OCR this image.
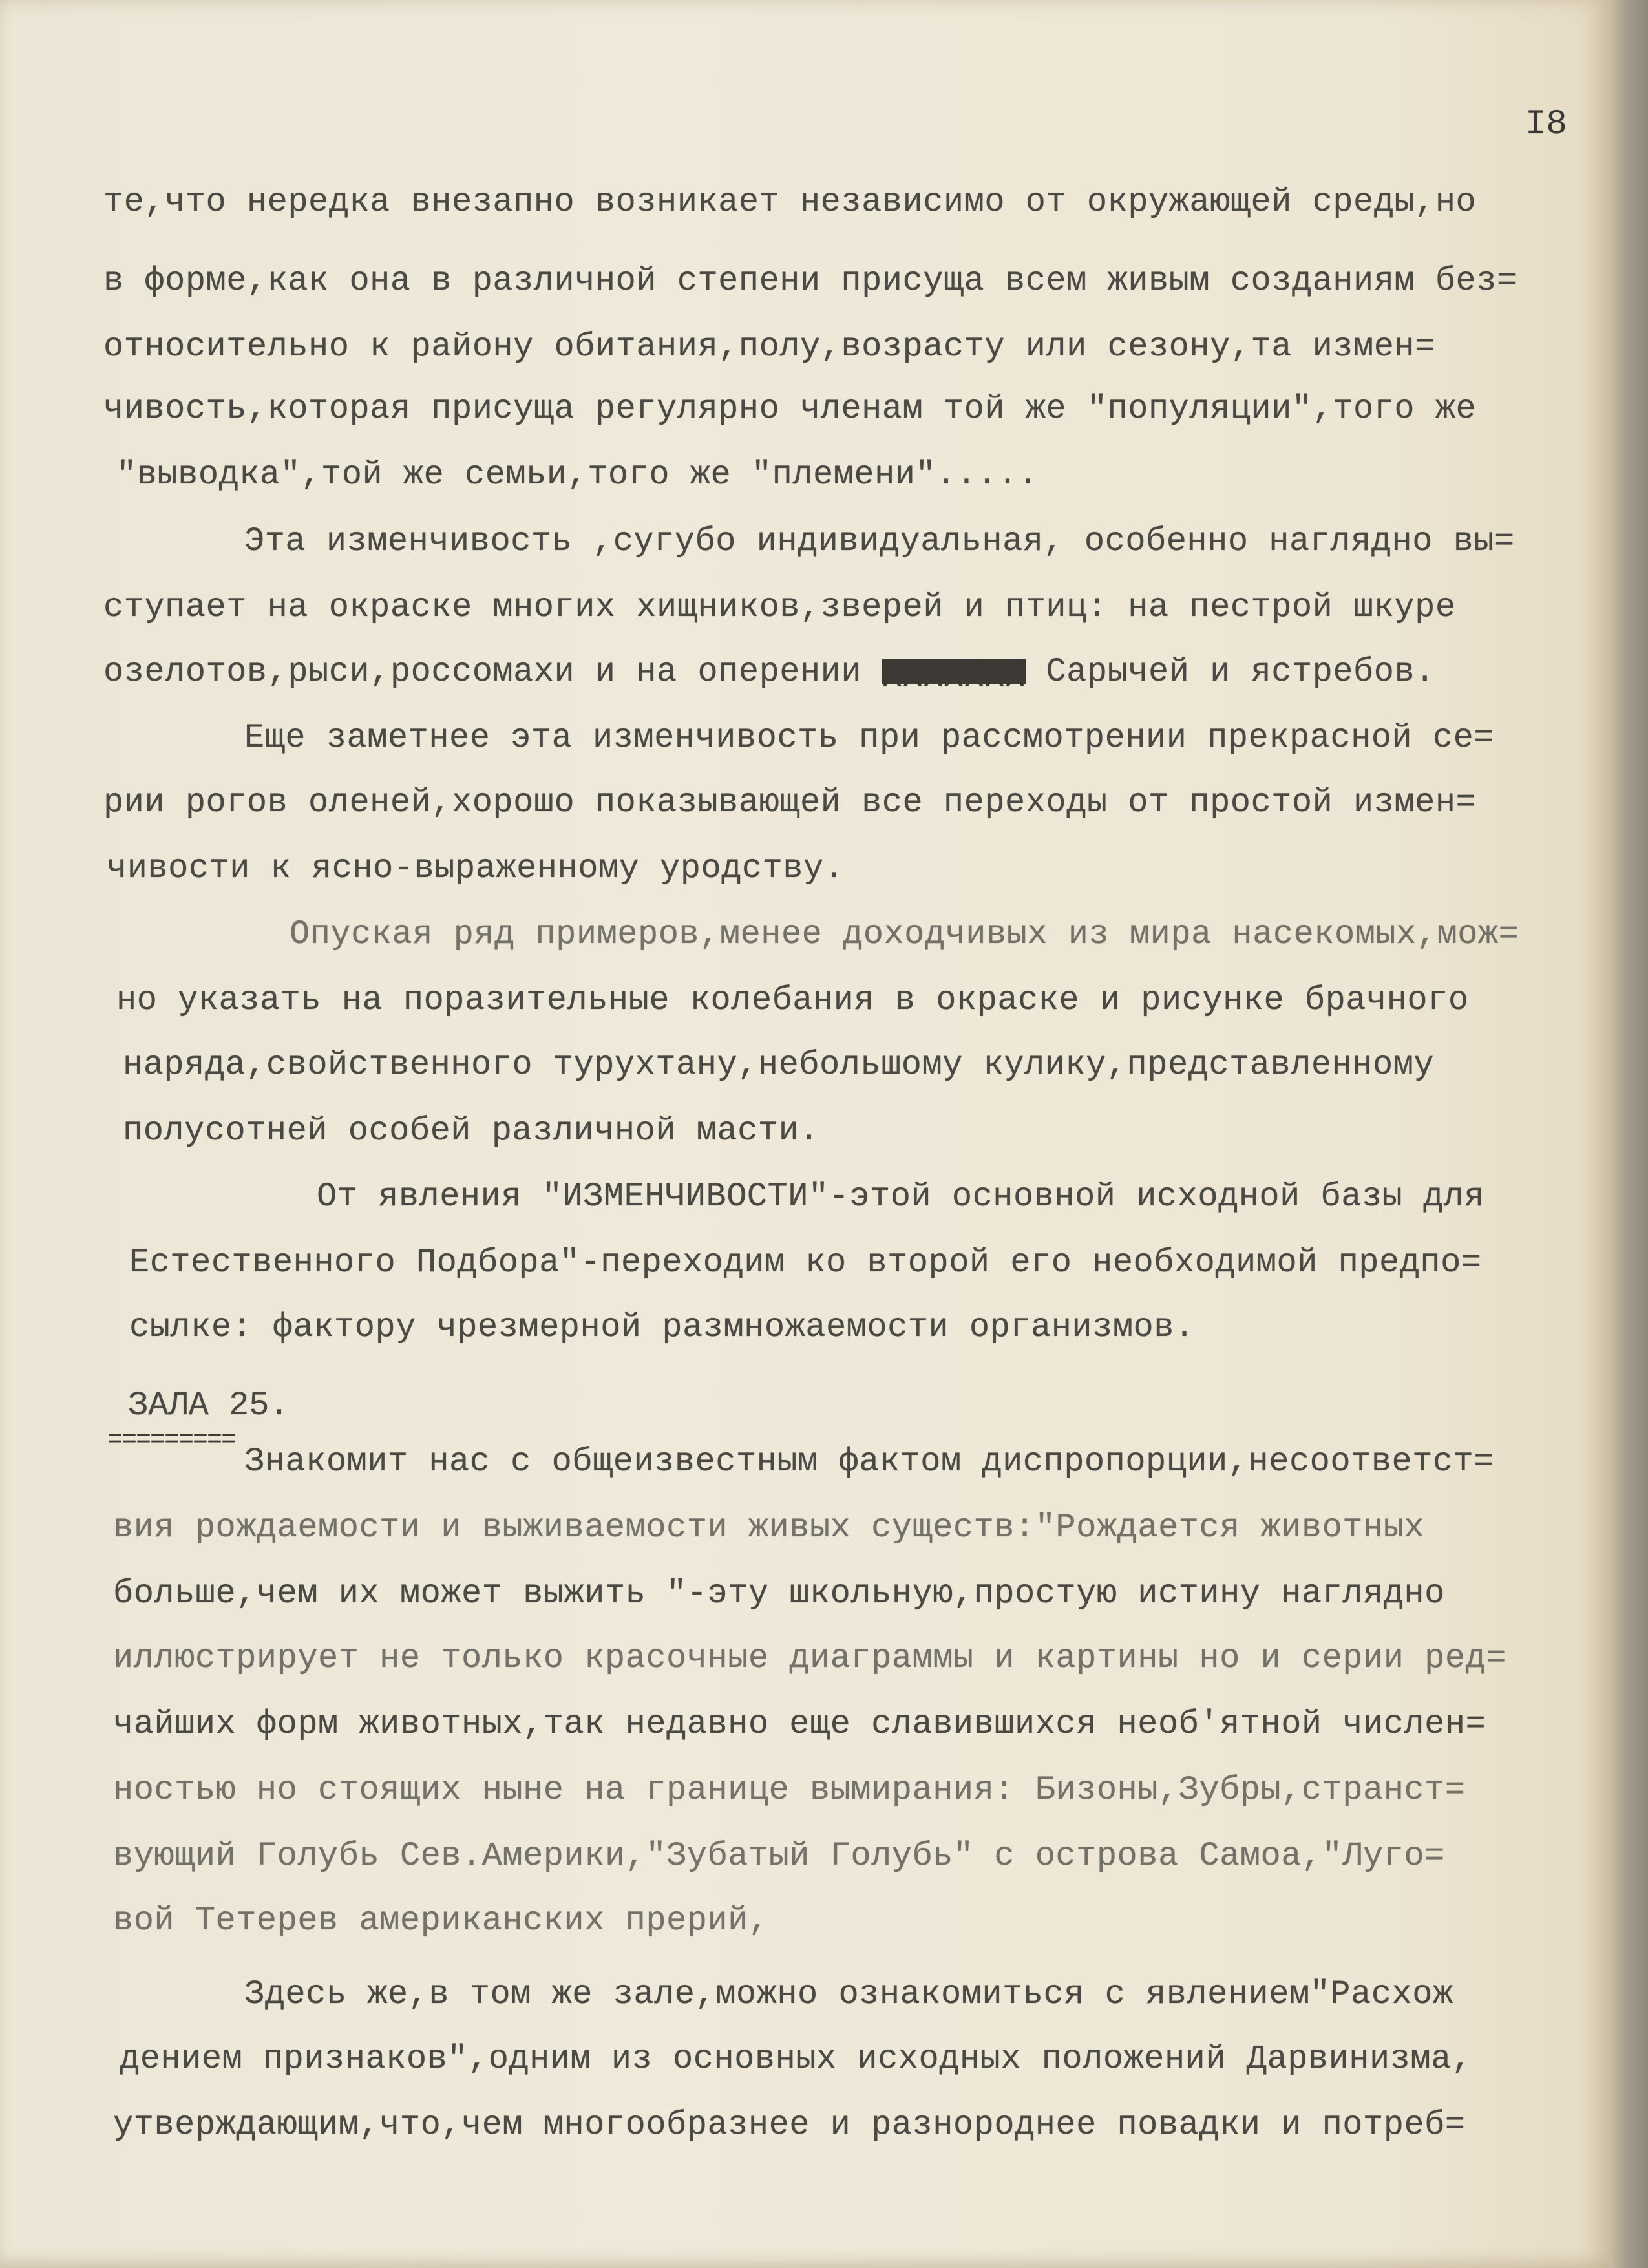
I8

те,что нередка внезапно возникает независимо от окружающей среды,но

в форме,как она в различной степени присуща всем живым созданиям без=

относительно к району обитания,полу,возрасту или сезону,та измен=

чивость,которая присуща регулярно членам той же "популяции",того же

"выводка",той же семьи,того же "племени".....

Эта изменчивость ,сугубо индивидуальная, особенно наглядно вы=

ступает на окраске многих хищников,зверей и птиц: на пестрой шкуре

озелотов,рыси,россомахи и на оперении XXXXXXX Сарычей и ястребов.

Еще заметнее эта изменчивость при рассмотрении прекрасной се=

рии рогов оленей,хорошо показывающей все переходы от простой измен=

чивости к ясно-выраженному уродству.

Опуская ряд примеров,менее доходчивых из мира насекомых,мож=

но указать на поразительные колебания в окраске и рисунке брачного

наряда,свойственного турухтану,небольшому кулику,представленному

полусотней особей различной масти.

От явления "ИЗМЕНЧИВОСТИ"-этой основной исходной базы для

Естественного Подбора"-переходим ко второй его необходимой предпо=

сылке: фактору чрезмерной размножаемости организмов.

ЗАЛА 25.
=========

Знакомит нас с общеизвестным фактом диспропорции,несоответст=

вия рождаемости и выживаемости живых существ:"Рождается животных

больше,чем их может выжить "-эту школьную,простую истину наглядно

иллюстрирует не только красочные диаграммы и картины но и серии ред=

чайших форм животных,так недавно еще славившихся необ'ятной числен=

ностью но стоящих ныне на границе вымирания: Бизоны,Зубры,странст=

вующий Голубь Сев.Америки,"Зубатый Голубь" с острова Самоа,"Луго=

вой Тетерев американских прерий,

Здесь же,в том же зале,можно ознакомиться с явлением"Расхож

дением признаков",одним из основных исходных положений Дарвинизма,

утверждающим,что,чем многообразнее и разнороднее повадки и потреб=
